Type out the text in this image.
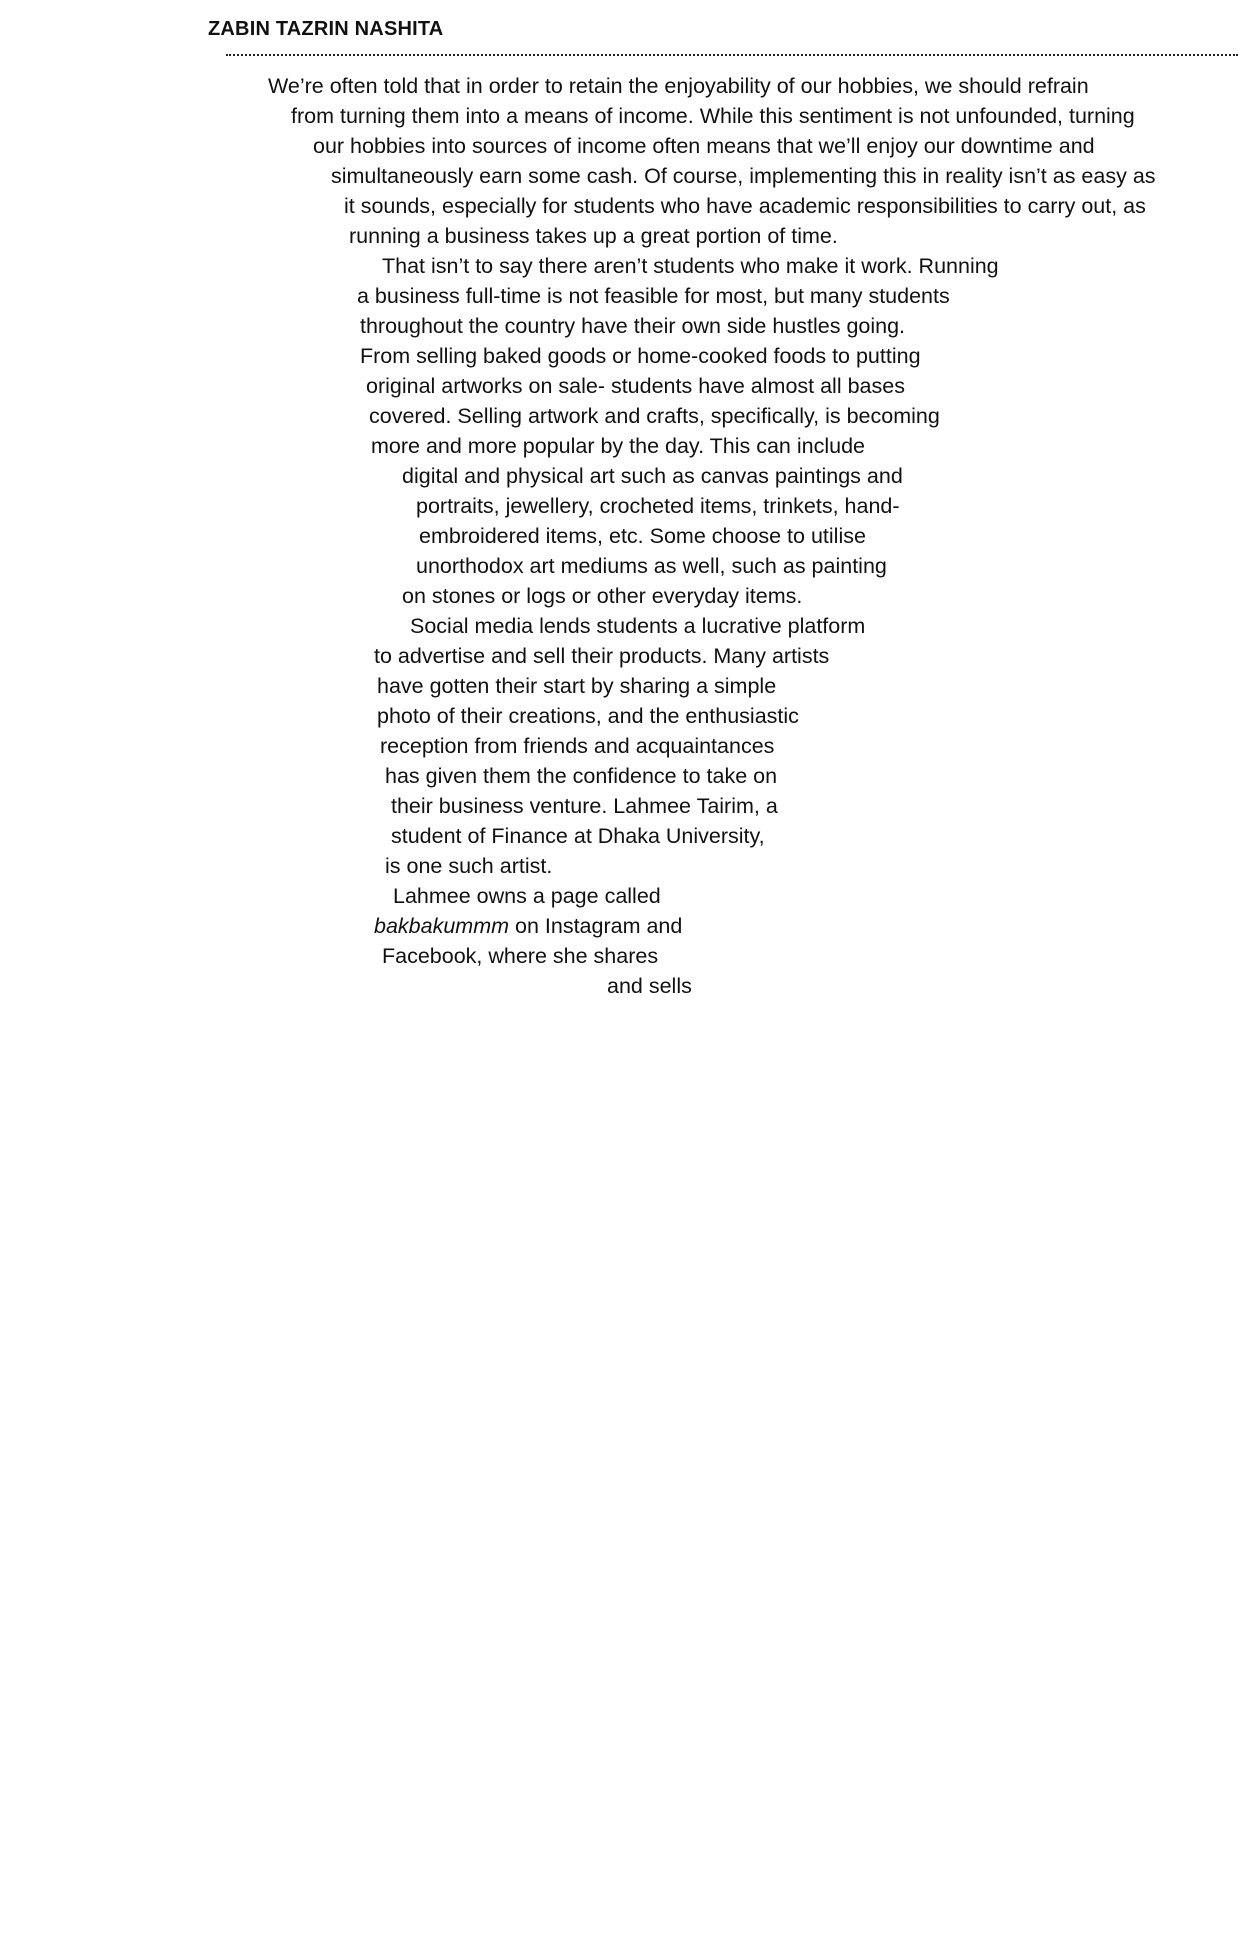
ZABIN TAZRIN NASHITA

We’re often told that in order to retain the enjoyability of our hobbies, we should refrain

from turning them into a means of income. While this sentiment is not unfounded, turning

our hobbies into sources of income often means that we’ll enjoy our downtime and

simultaneously earn some cash. Of course, implementing this in reality isn’t as easy as

it sounds, especially for students who have academic responsibilities to carry out, as

running a business takes up a great portion of time.

That isn’t to say there aren’t students who make it work. Running

a business full-time is not feasible for most, but many students

throughout the country have their own side hustles going.

From selling baked goods or home-cooked foods to putting

original artworks on sale- students have almost all bases

covered. Selling artwork and crafts, specifically, is becoming

more and more popular by the day. This can include

digital and physical art such as canvas paintings and

portraits, jewellery, crocheted items, trinkets, hand-

embroidered items, etc. Some choose to utilise

unorthodox art mediums as well, such as painting

on stones or logs or other everyday items.

Social media lends students a lucrative platform

to advertise and sell their products. Many artists

have gotten their start by sharing a simple

photo of their creations, and the enthusiastic

reception from friends and acquaintances

has given them the confidence to take on

their business venture. Lahmee Tairim, a

student of Finance at Dhaka University,

is one such artist.

Lahmee owns a page called

bakbakummm on Instagram and

Facebook, where she shares

and sells
